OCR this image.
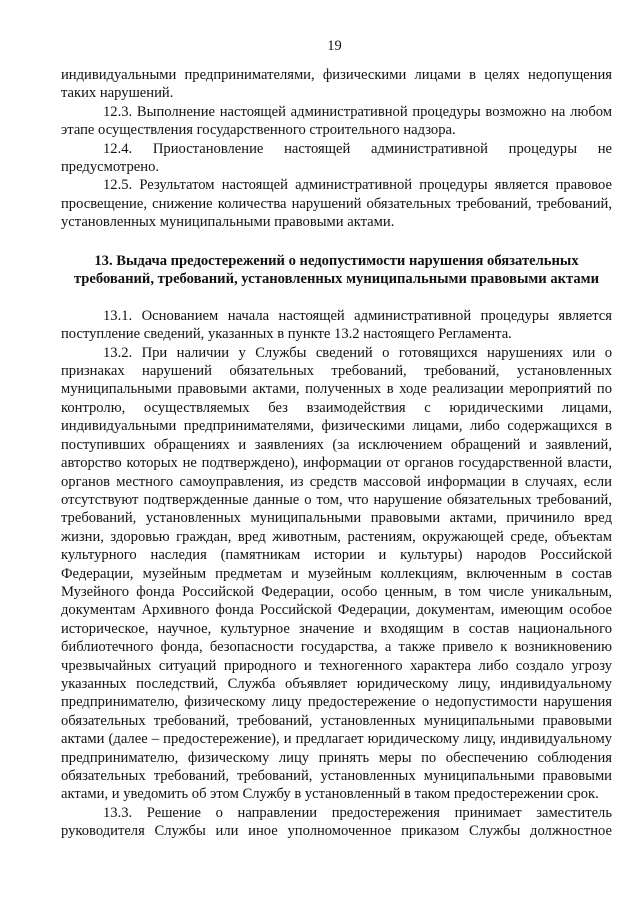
19

индивидуальными предпринимателями, физическими лицами в целях недопущения таких нарушений.

12.3. Выполнение настоящей административной процедуры возможно на любом этапе осуществления государственного строительного надзора.

12.4. Приостановление настоящей административной процедуры не предусмотрено.

12.5. Результатом настоящей административной процедуры является правовое просвещение, снижение количества нарушений обязательных требований, требований, установленных муниципальными правовыми актами.

13. Выдача предостережений о недопустимости нарушения обязательных
требований, требований, установленных муниципальными правовыми актами

13.1. Основанием начала настоящей административной процедуры является поступление сведений, указанных в пункте 13.2 настоящего Регламента.

13.2. При наличии у Службы сведений о готовящихся нарушениях или о признаках нарушений обязательных требований, требований, установленных муниципальными правовыми актами, полученных в ходе реализации мероприятий по контролю, осуществляемых без взаимодействия с юридическими лицами, индивидуальными предпринимателями, физическими лицами, либо содержащихся в поступивших обращениях и заявлениях (за исключением обращений и заявлений, авторство которых не подтверждено), информации от органов государственной власти, органов местного самоуправления, из средств массовой информации в случаях, если отсутствуют подтвержденные данные о том, что нарушение обязательных требований, требований, установленных муниципальными правовыми актами, причинило вред жизни, здоровью граждан, вред животным, растениям, окружающей среде, объектам культурного наследия (памятникам истории и культуры) народов Российской Федерации, музейным предметам и музейным коллекциям, включенным в состав Музейного фонда Российской Федерации, особо ценным, в том числе уникальным, документам Архивного фонда Российской Федерации, документам, имеющим особое историческое, научное, культурное значение и входящим в состав национального библиотечного фонда, безопасности государства, а также привело к возникновению чрезвычайных ситуаций природного и техногенного характера либо создало угрозу указанных последствий, Служба объявляет юридическому лицу, индивидуальному предпринимателю, физическому лицу предостережение о недопустимости нарушения обязательных требований, требований, установленных муниципальными правовыми актами (далее – предостережение), и предлагает юридическому лицу, индивидуальному предпринимателю, физическому лицу принять меры по обеспечению соблюдения обязательных требований, требований, установленных муниципальными правовыми актами, и уведомить об этом Службу в установленный в таком предостережении срок.

13.3. Решение о направлении предостережения принимает заместитель руководителя Службы или иное уполномоченное приказом Службы должностное
